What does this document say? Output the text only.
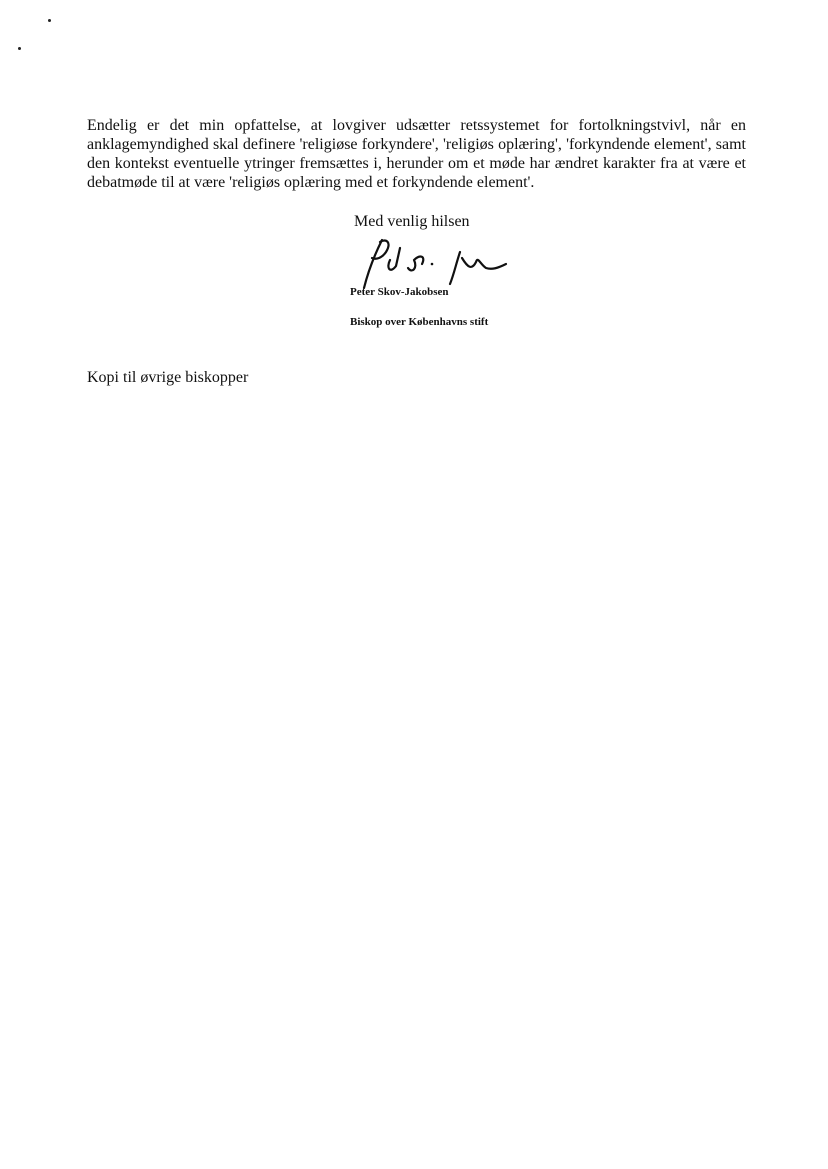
Endelig er det min opfattelse, at lovgiver udsætter retssystemet for fortolkningstvivl, når en anklagemyndighed skal definere 'religiøse forkyndere', 'religiøs oplæring', 'forkyndende element', samt den kontekst eventuelle ytringer fremsættes i, herunder om et møde har ændret karakter fra at være et debatmøde til at være 'religiøs oplæring med et forkyndende element'.

Med venlig hilsen
Peter Skov-Jakobsen
Biskop over Københavns stift
Kopi til øvrige biskopper
